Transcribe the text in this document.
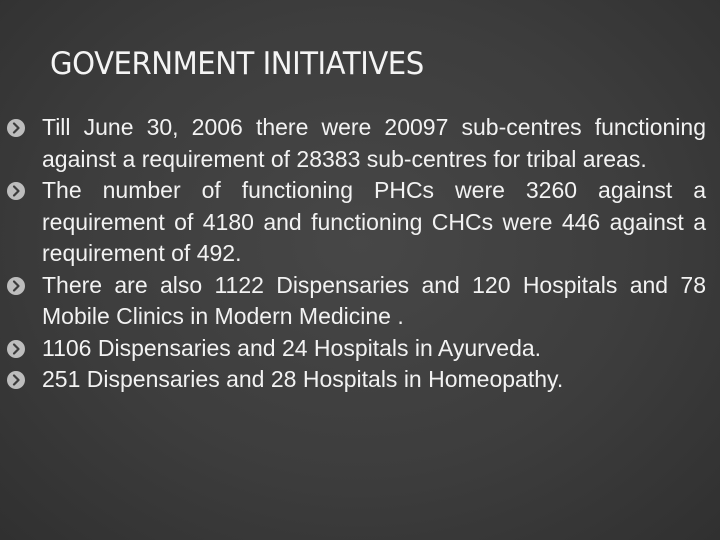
GOVERNMENT INITIATIVES
Till June 30, 2006 there were 20097 sub-centres functioning against a requirement of 28383 sub-centres for tribal areas.
The number of functioning PHCs were 3260 against a requirement of 4180 and functioning CHCs were 446 against a requirement of 492.
There are also 1122 Dispensaries and 120 Hospitals and 78 Mobile Clinics in Modern Medicine .
1106 Dispensaries and 24 Hospitals in Ayurveda.
251 Dispensaries and 28 Hospitals in Homeopathy.
